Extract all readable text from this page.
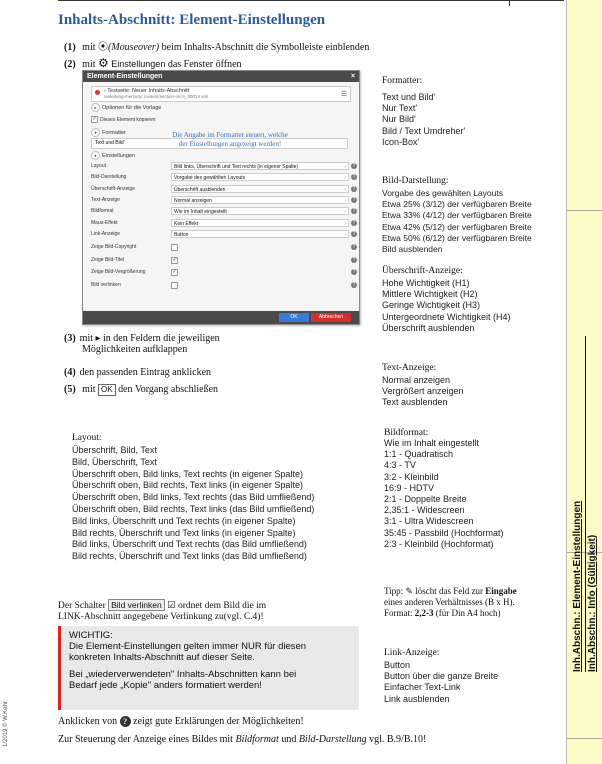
Inh.Abschn.: Element-Einstellungen Inh.Abschn.: Info (Gültigkeit)
1/2019 © W.Kehr
Inhalts-Abschnitt: Element-Einstellungen
(1) mit ⦿(Mouseover) beim Inhalts-Abschnitt die Symbolleiste einblenden
(2) mit ⚙ Einstellungen das Fenster öffnen
Element-Einstellungen	×
› Testseite: Neuer Inhalts-Abschnitt
/anleitung-mercury/.content/section-m/cs_00014.xml	☰
▸ Optionen für die Vorlage
✓ Dieses Element kopieren
▾ Formatter
Text und Bild'
Die Angabe im Formatter steuert, welche
der Einstellungen angezeigt werden!
▾ Einstellungen
Layout	Bild links, Überschrift und Text rechts (in eigener Spalte)	›	?
Bild-Darstellung	Vorgabe des gewählten Layouts	›	?
Überschrift-Anzeige	Überschrift ausblenden	›	?
Text-Anzeige	Normal anzeigen	›	?
Bildformat	Wie im Inhalt eingestellt	›	?
Maus-Effekt	Kein Effekt	›	?
Link-Anzeige	Button	›	?
Zeige Bild-Copyright	?
Zeige Bild-Titel	✓	?
Zeige Bild-Vergrößerung	✓	?
Bild verlinken	?
OK	Abbrechen
(3) mit ▸ in den Feldern die jeweiligen
Möglichkeiten aufklappen
(4) den passenden Eintrag anklicken
(5) mit OK den Vorgang abschließen
Formatter:
Text und Bild'
Nur Text'
Nur Bild'
Bild / Text Umdreher'
Icon-Box'
Bild-Darstellung:
Vorgabe des gewählten Layouts
Etwa 25% (3/12) der verfügbaren Breite
Etwa 33% (4/12) der verfügbaren Breite
Etwa 42% (5/12) der verfügbaren Breite
Etwa 50% (6/12) der verfügbaren Breite
Bild ausblenden
Überschrift-Anzeige:
Hohe Wichtigkeit (H1)
Mittlere Wichtigkeit (H2)
Geringe Wichtigkeit (H3)
Untergeordnete Wichtigkeit (H4)
Überschrift ausblenden
Text-Anzeige:
Normal anzeigen
Vergrößert anzeigen
Text ausblenden
Bildformat:
Wie im Inhalt eingestellt
1:1 - Quadratisch
4:3 - TV
3:2 - Kleinbild
16:9 - HDTV
2:1 - Doppelte Breite
2,35:1 - Widescreen
3:1 - Ultra Widescreen
35:45 - Passbild (Hochformat)
2:3 - Kleinbild (Hochformat)
Tipp: ✎ löscht das Feld zur Eingabe
eines anderen Verhältnisses (B x H).
Format: 2,2-3 (für Din A4 hoch)
Link-Anzeige:
Button
Button über die ganze Breite
Einfacher Text-Link
Link ausblenden
Layout:
Überschrift, Bild, Text
Bild, Überschrift, Text
Überschrift oben, Bild links, Text rechts (in eigener Spalte)
Überschrift oben, Bild rechts, Text links (in eigener Spalte)
Überschrift oben, Bild links, Text rechts (das Bild umfließend)
Überschrift oben, Bild rechts, Text links (das Bild umfließend)
Bild links, Überschrift und Text rechts (in eigener Spalte)
Bild rechts, Überschrift und Text links (in eigener Spalte)
Bild links, Überschrift und Text rechts (das Bild umfließend)
Bild rechts, Überschrift und Text links (das Bild umfließend)
Der Schalter Bild verlinken ☑ ordnet dem Bild die im
LINK-Abschnitt angegebene Verlinkung zu(vgl. C.4)!
WICHTIG:
Die Element-Einstellungen gelten immer NUR für diesen
konkreten Inhalts-Abschnitt auf dieser Seite.
Bei „wiederverwendeten" Inhalts-Abschnitten kann bei
Bedarf jede „Kopie" anders formatiert werden!
Anklicken von ? zeigt gute Erklärungen der Möglichkeiten!
Zur Steuerung der Anzeige eines Bildes mit Bildformat und Bild-Darstellung vgl. B.9/B.10!
